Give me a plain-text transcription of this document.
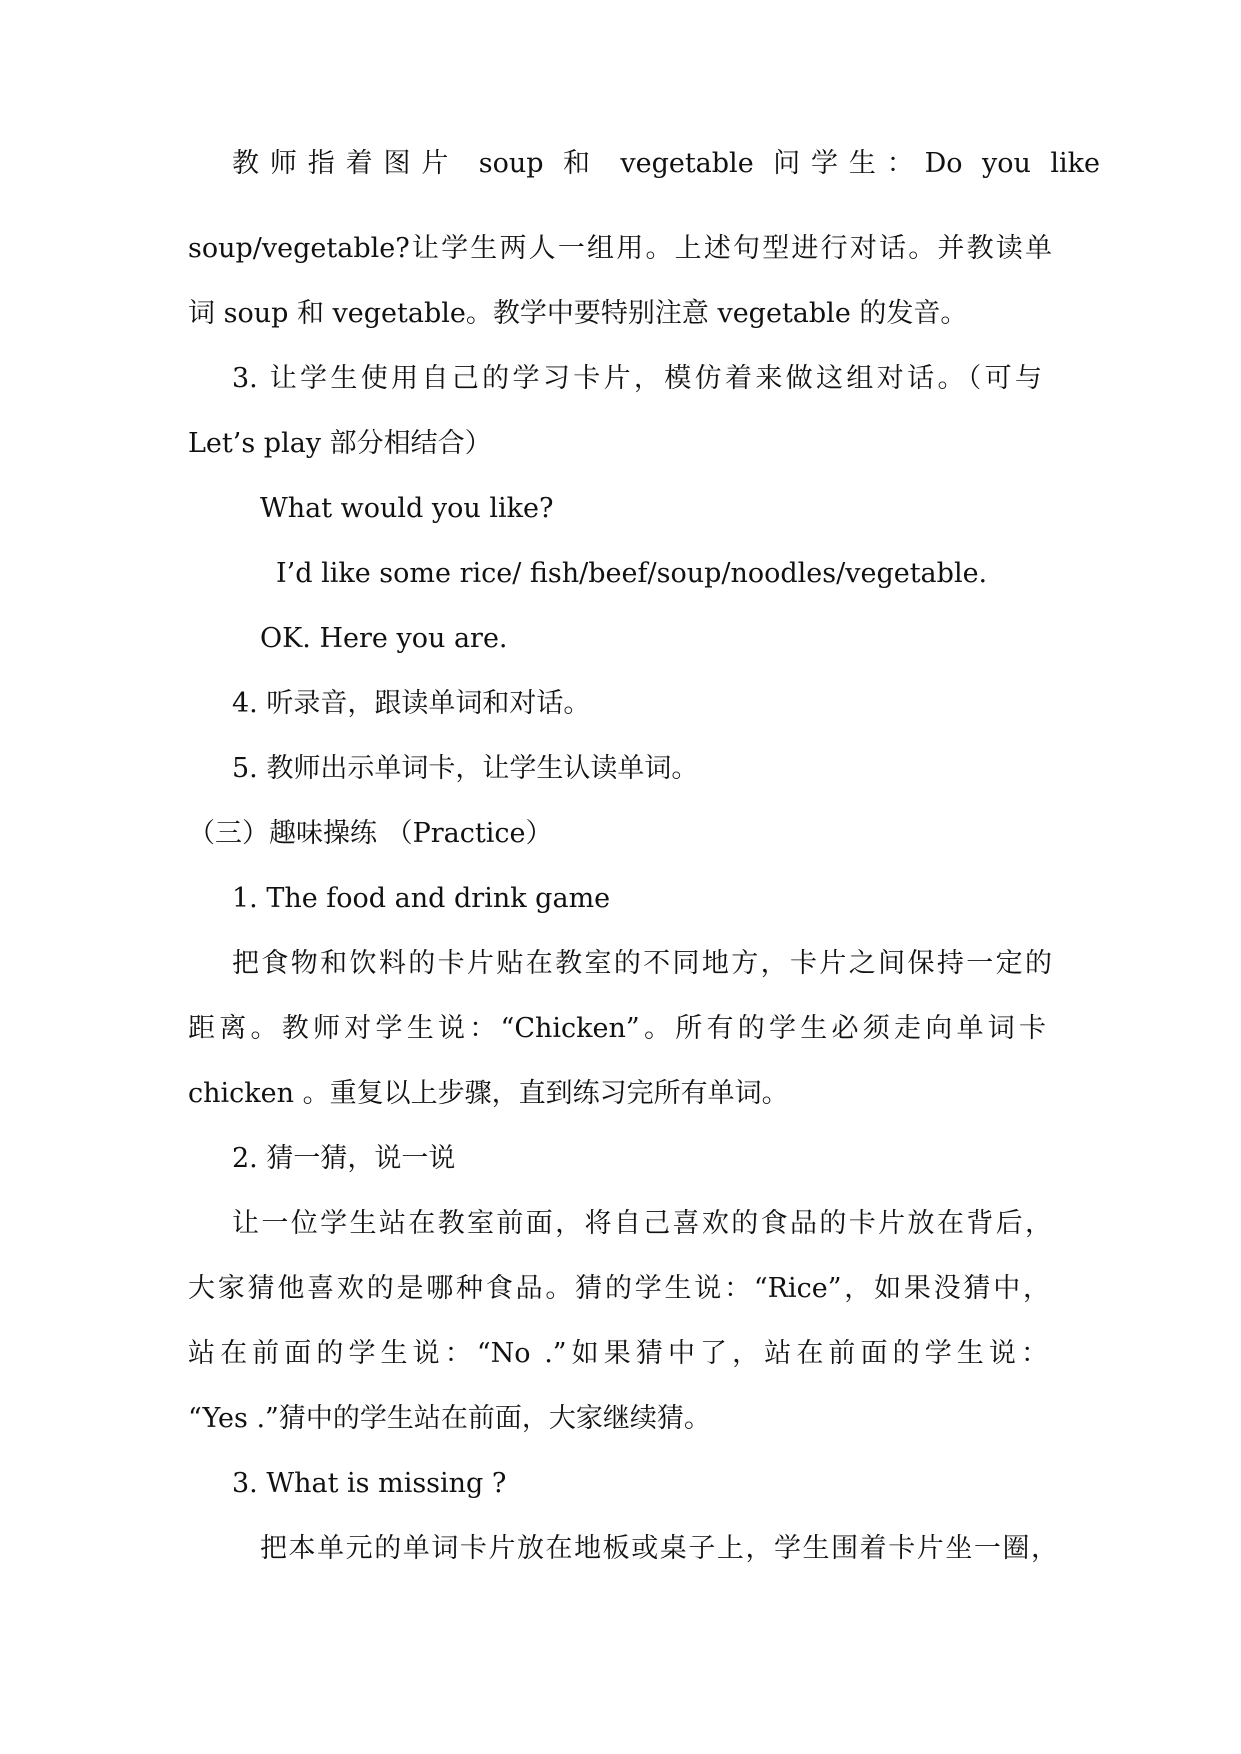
教师指着图片 soup 和 vegetable 问学生：Do you like
soup/vegetable?让学生两人一组用。上述句型进行对话。并教读单
词 soup 和 vegetable。教学中要特别注意 vegetable 的发音。
3. 让学生使用自己的学习卡片，模仿着来做这组对话。（可与
Let’s play 部分相结合）
What would you like?
I’d like some rice/ fish/beef/soup/noodles/vegetable.
OK. Here you are.
4. 听录音，跟读单词和对话。
5. 教师出示单词卡，让学生认读单词。
（三）趣味操练 （Practice）
1. The food and drink game
把食物和饮料的卡片贴在教室的不同地方，卡片之间保持一定的
距离。教师对学生说：“Chicken”。所有的学生必须走向单词卡
chicken 。重复以上步骤，直到练习完所有单词。
2. 猜一猜，说一说
让一位学生站在教室前面，将自己喜欢的食品的卡片放在背后，
大家猜他喜欢的是哪种食品。猜的学生说：“Rice”，如果没猜中，
站在前面的学生说：“No .”如果猜中了，站在前面的学生说：
“Yes .”猜中的学生站在前面，大家继续猜。
3. What is missing ?
把本单元的单词卡片放在地板或桌子上，学生围着卡片坐一圈，
